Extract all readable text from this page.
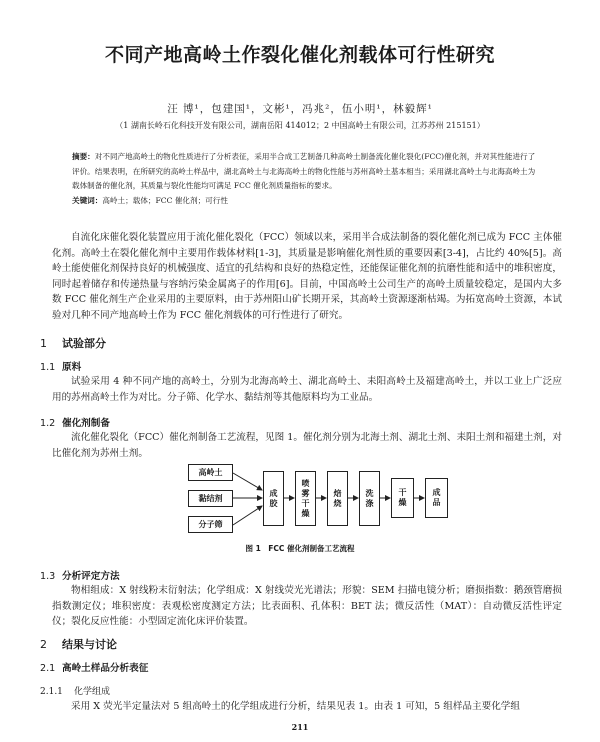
不同产地高岭土作裂化催化剂载体可行性研究
汪 博¹，包建国¹，文彬¹，冯兆²，伍小明¹，林毅辉¹
（1 湖南长岭石化科技开发有限公司，湖南岳阳 414012；2 中国高岭土有限公司，江苏苏州 215151）
摘要：对不同产地高岭土的物化性质进行了分析表征，采用半合成工艺制备几种高岭土制备流化催化裂化(FCC)催化剂，并对其性能进行了评价。结果表明，在所研究的高岭土样品中，湖北高岭土与北海高岭土的物化性能与苏州高岭土基本相当；采用湖北高岭土与北海高岭土为载体制备的催化剂，其质量与裂化性能均可满足 FCC 催化剂质量指标的要求。
关键词：高岭土；载体；FCC 催化剂；可行性

自流化床催化裂化装置应用于流化催化裂化（FCC）领域以来，采用半合成法制备的裂化催化剂已成为 FCC 主体催化剂。高岭土在裂化催化剂中主要用作载体材料[1-3]，其质量是影响催化剂性质的重要因素[3-4]，占比约 40%[5]。高岭土能使催化剂保持良好的机械强度、适宜的孔结构和良好的热稳定性，还能保证催化剂的抗磨性能和适中的堆积密度，同时起着储存和传递热量与容纳污染金属离子的作用[6]。目前，中国高岭土公司生产的高岭土质量较稳定，是国内大多数 FCC 催化剂生产企业采用的主要原料，由于苏州阳山矿长期开采，其高岭土资源逐渐枯竭。为拓宽高岭土资源，本试验对几种不同产地高岭土作为 FCC 催化剂载体的可行性进行了研究。

1 试验部分
1.1 原料

试验采用 4 种不同产地的高岭土，分别为北海高岭土、湖北高岭土、耒阳高岭土及福建高岭土，并以工业上广泛应用的苏州高岭土作为对比。分子筛、化学水、黏结剂等其他原料均为工业品。

1.2 催化剂制备

流化催化裂化（FCC）催化剂制备工艺流程，见图 1。催化剂分别为北海土剂、湖北土剂、耒阳土剂和福建土剂，对比催化剂为苏州土剂。

高岭土
黏结剂
分子筛
成胶	喷雾干燥	焙烧	洗涤	干燥	成品
图 1　FCC 催化剂制备工艺流程
1.3 分析评定方法

物相组成：X 射线粉末衍射法；化学组成：X 射线荧光光谱法；形貌：SEM 扫描电镜分析；磨损指数：鹅颈管磨损指数测定仪；堆积密度：表观松密度测定方法；比表面积、孔体积：BET 法；微反活性（MAT）：自动微反活性评定仪；裂化反应性能：小型固定流化床评价装置。

2 结果与讨论
2.1 高岭土样品分析表征
2.1.1 化学组成

采用 X 荧光半定量法对 5 组高岭土的化学组成进行分析，结果见表 1。由表 1 可知，5 组样品主要化学组

211
